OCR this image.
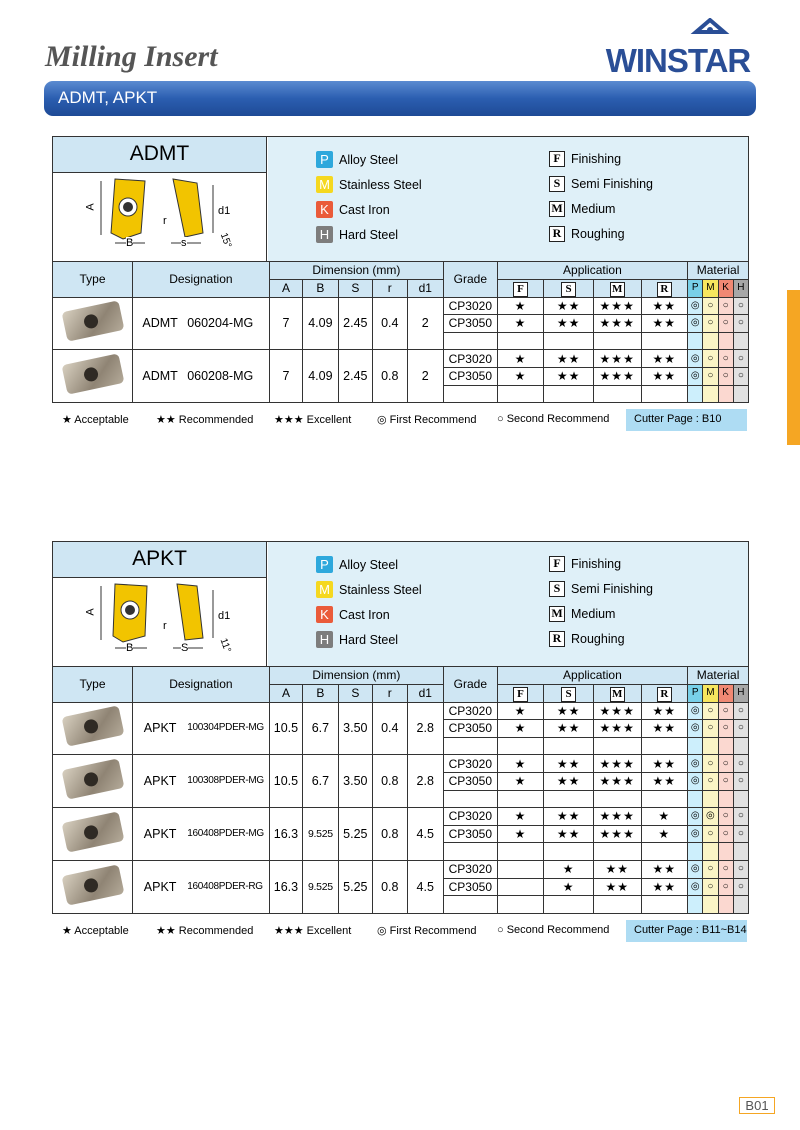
Milling Insert	WINSTAR
ADMT, APKT
ADMT
A
B	s
r
d1
15°
P Alloy Steel
M Stainless Steel
K Cast Iron
H Hard Steel
F Finishing
S Semi Finishing
M Medium
R Roughing
Type	Designation		Dimension (mm)					Grade	Application				Material			
			A	B	S	r	d1		F	S	M	R	P	M	K	H
	ADMT	060204-MG	7	4.09	2.45	0.4	2	CP3020	★	★★	★★★	★★	◎	○	○	○
								CP3050	★	★★	★★★	★★	◎	○	○	○

	ADMT	060208-MG	7	4.09	2.45	0.8	2	CP3020	★	★★	★★★	★★	◎	○	○	○
								CP3050	★	★★	★★★	★★	◎	○	○	○

★ Acceptable ★★ Recommended ★★★ Excellent ◎ First Recommend ○ Second Recommend	Cutter Page : B10
APKT
A
B	S
r
d1
11°
P Alloy Steel
M Stainless Steel
K Cast Iron
H Hard Steel
F Finishing
S Semi Finishing
M Medium
R Roughing
Type	Designation		Dimension (mm)					Grade	Application				Material			
			A	B	S	r	d1		F	S	M	R	P	M	K	H
	APKT	100304PDER-MG	10.5	6.7	3.50	0.4	2.8	CP3020	★	★★	★★★	★★	◎	○	○	○
								CP3050	★	★★	★★★	★★	◎	○	○	○

	APKT	100308PDER-MG	10.5	6.7	3.50	0.8	2.8	CP3020	★	★★	★★★	★★	◎	○	○	○
								CP3050	★	★★	★★★	★★	◎	○	○	○

	APKT	160408PDER-MG	16.3	9.525	5.25	0.8	4.5	CP3020	★	★★	★★★	★	◎	◎	○	○
								CP3050	★	★★	★★★	★	◎	○	○	○

	APKT	160408PDER-RG	16.3	9.525	5.25	0.8	4.5	CP3020		★	★★	★★	◎	○	○	○
								CP3050		★	★★	★★	◎	○	○	○

★ Acceptable ★★ Recommended ★★★ Excellent ◎ First Recommend ○ Second Recommend	Cutter Page : B11~B14
B01
